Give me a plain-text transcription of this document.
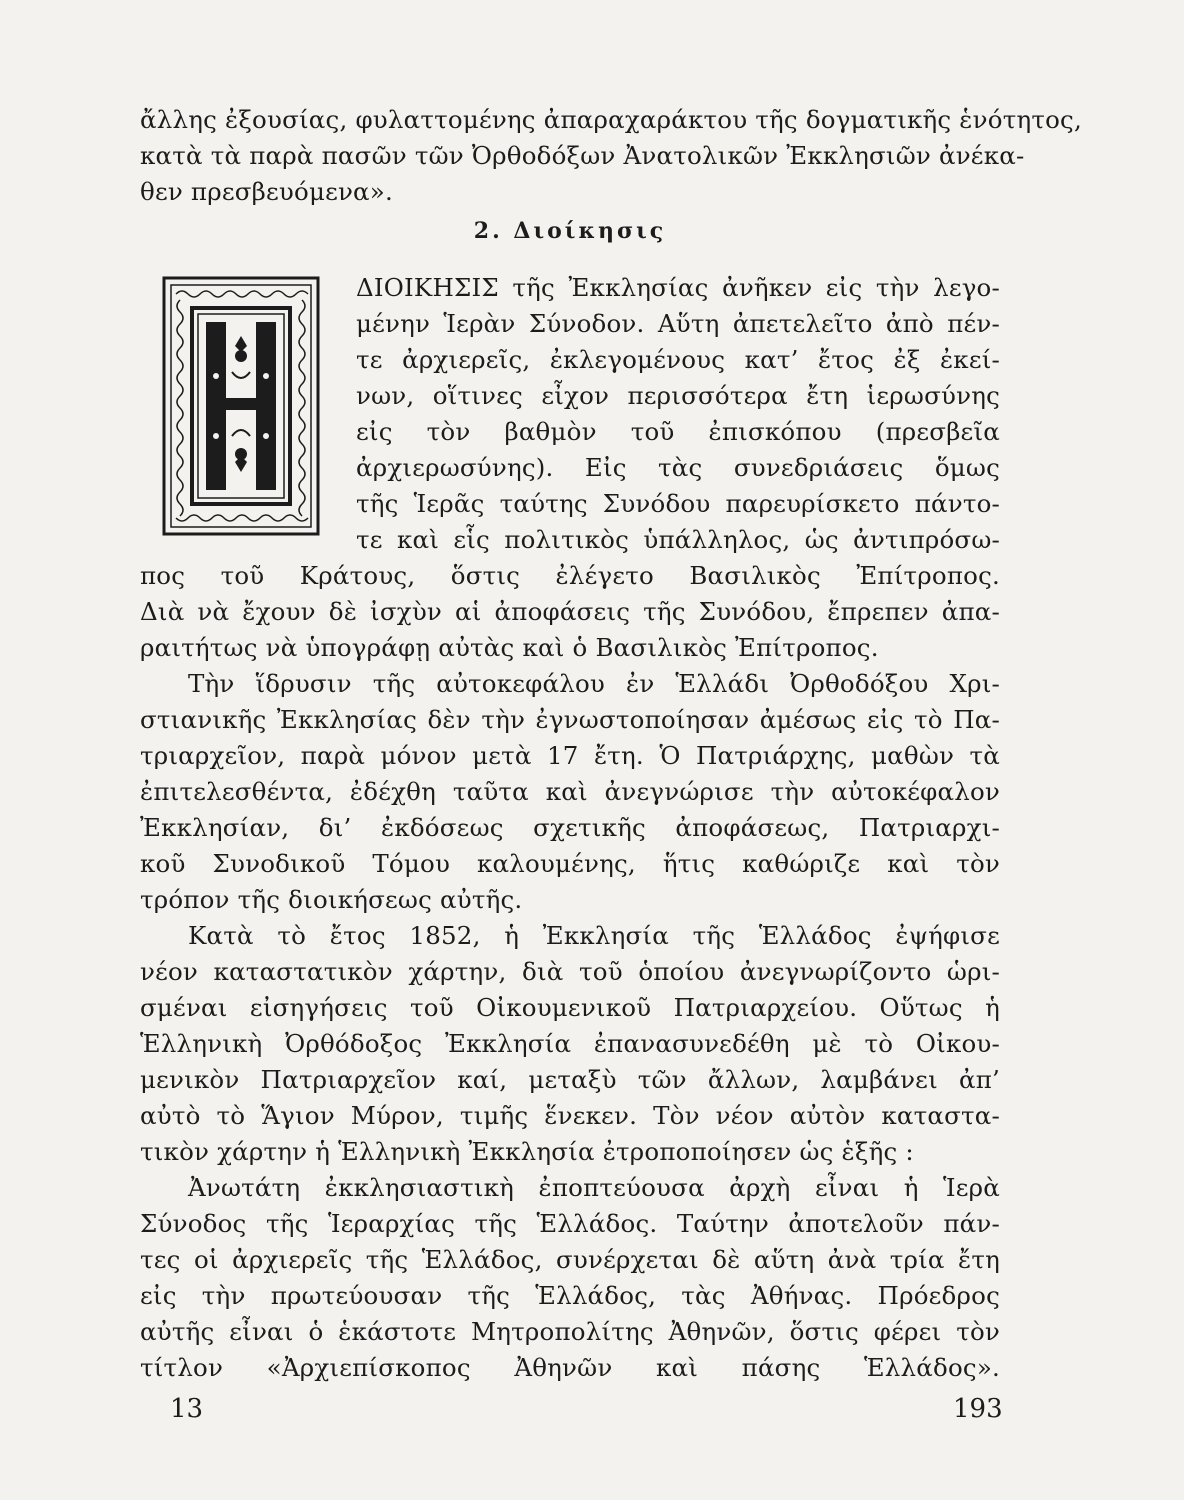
ἄλλης ἐξουσίας, φυλαττομένης ἀπαραχαράκτου τῆς δογματικῆς ἑνότητος,
κατὰ τὰ παρὰ πασῶν τῶν Ὀρθοδόξων Ἀνατολικῶν Ἐκκλησιῶν ἀνέκα-
θεν πρεσβευόμενα».
2. Διοίκησις
ΔΙΟΙΚΗΣΙΣ τῆς Ἐκκλησίας ἀνῆκεν εἰς τὴν λεγο-
μένην Ἱερὰν Σύνοδον. Αὕτη ἀπετελεῖτο ἀπὸ πέν-
τε ἀρχιερεῖς, ἐκλεγομένους κατ’ ἔτος ἐξ ἐκεί-
νων, οἵτινες εἶχον περισσότερα ἔτη ἱερωσύνης
εἰς τὸν βαθμὸν τοῦ ἐπισκόπου (πρεσβεῖα
ἀρχιερωσύνης). Εἰς τὰς συνεδριάσεις ὅμως
τῆς Ἱερᾶς ταύτης Συνόδου παρευρίσκετο πάντο-
τε καὶ εἷς πολιτικὸς ὑπάλληλος, ὡς ἀντιπρόσω-
πος τοῦ Κράτους, ὅστις ἐλέγετο Βασιλικὸς Ἐπίτροπος.
Διὰ νὰ ἔχουν δὲ ἰσχὺν αἱ ἀποφάσεις τῆς Συνόδου, ἔπρεπεν ἀπα-
ραιτήτως νὰ ὑπογράφῃ αὐτὰς καὶ ὁ Βασιλικὸς Ἐπίτροπος.
Τὴν ἵδρυσιν τῆς αὐτοκεφάλου ἐν Ἑλλάδι Ὀρθοδόξου Χρι-
στιανικῆς Ἐκκλησίας δὲν τὴν ἐγνωστοποίησαν ἀμέσως εἰς τὸ Πα-
τριαρχεῖον, παρὰ μόνον μετὰ 17 ἔτη. Ὁ Πατριάρχης, μαθὼν τὰ
ἐπιτελεσθέντα, ἐδέχθη ταῦτα καὶ ἀνεγνώρισε τὴν αὐτοκέφαλον
Ἐκκλησίαν, δι’ ἐκδόσεως σχετικῆς ἀποφάσεως, Πατριαρχι-
κοῦ Συνοδικοῦ Τόμου καλουμένης, ἥτις καθώριζε καὶ τὸν
τρόπον τῆς διοικήσεως αὐτῆς.
Κατὰ τὸ ἔτος 1852, ἡ Ἐκκλησία τῆς Ἑλλάδος ἐψήφισε
νέον καταστατικὸν χάρτην, διὰ τοῦ ὁποίου ἀνεγνωρίζοντο ὡρι-
σμέναι εἰσηγήσεις τοῦ Οἰκουμενικοῦ Πατριαρχείου. Οὕτως ἡ
Ἑλληνικὴ Ὀρθόδοξος Ἐκκλησία ἐπανασυνεδέθη μὲ τὸ Οἰκου-
μενικὸν Πατριαρχεῖον καί, μεταξὺ τῶν ἄλλων, λαμβάνει ἀπ’
αὐτὸ τὸ Ἅγιον Μύρον, τιμῆς ἕνεκεν. Τὸν νέον αὐτὸν καταστα-
τικὸν χάρτην ἡ Ἑλληνικὴ Ἐκκλησία ἐτροποποίησεν ὡς ἑξῆς :
Ἀνωτάτη ἐκκλησιαστικὴ ἐποπτεύουσα ἀρχὴ εἶναι ἡ Ἱερὰ
Σύνοδος τῆς Ἱεραρχίας τῆς Ἑλλάδος. Ταύτην ἀποτελοῦν πάν-
τες οἱ ἀρχιερεῖς τῆς Ἑλλάδος, συνέρχεται δὲ αὕτη ἀνὰ τρία ἔτη
εἰς τὴν πρωτεύουσαν τῆς Ἑλλάδος, τὰς Ἀθήνας. Πρόεδρος
αὐτῆς εἶναι ὁ ἑκάστοτε Μητροπολίτης Ἀθηνῶν, ὅστις φέρει τὸν
τίτλον «Ἀρχιεπίσκοπος Ἀθηνῶν καὶ πάσης Ἑλλάδος».
13	193
